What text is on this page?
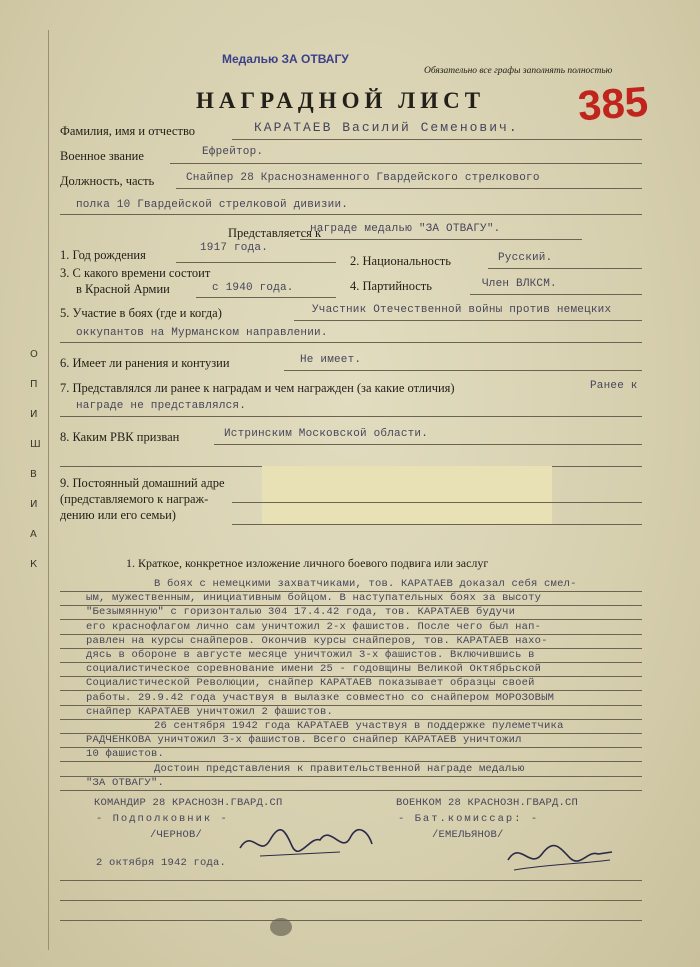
О
П
И
Ш
В
И
А
К
Медалью ЗА ОТВАГУ
Обязательно все графы заполнять полностью
385
НАГРАДНОЙ ЛИСТ
Фамилия, имя и отчество	КАРАТАЕВ Василий Семенович.
Военное звание	Ефрейтор.
Должность, часть	Снайпер 28 Краснознаменного Гвардейского стрелкового
полка 10 Гвардейской стрелковой дивизии.
Представляется к
награде медалью "ЗА ОТВАГУ".
1. Год рождения	1917 года.
2. Национальность	Русский.
3. С какого времени состоит
в Красной Армии	с 1940 года.	4. Партийность	Член ВЛКСМ.
5. Участие в боях (где и когда)	Участник Отечественной войны против немецких
оккупантов на Мурманском направлении.
6. Имеет ли ранения и контузии	Не имеет.
7. Представлялся ли ранее к наградам и чем награжден (за какие отличия)	Ранее к
награде не представлялся.
8. Каким РВК призван	Истринским Московской области.
9. Постоянный домашний адре
(представляемого к награж-
дению или его семьи)
1. Краткое, конкретное изложение личного боевого подвига или заслуг
В боях с немецкими захватчиками, тов. КАРАТАЕВ доказал себя смел-
ым, мужественным, инициативным бойцом. В наступательных боях за высоту
"Безымянную" с горизонталью 304 17.4.42 года, тов. КАРАТАЕВ будучи
его краснофлагом лично сам уничтожил 2-х фашистов. После чего был нап-
равлен на курсы снайперов. Окончив курсы снайперов, тов. КАРАТАЕВ нахо-
дясь в обороне в августе месяце уничтожил 3-х фашистов. Включившись в
социалистическое соревнование имени 25 - годовщины Великой Октябрьской
Социалистической Революции, снайпер КАРАТАЕВ показывает образцы своей
работы. 29.9.42 года участвуя в вылазке совместно со снайпером МОРОЗОВЫМ
снайпер КАРАТАЕВ уничтожил 2 фашистов.
26 сентября 1942 года КАРАТАЕВ участвуя в поддержке пулеметчика
РАДЧЕНКОВА уничтожил 3-х фашистов. Всего снайпер КАРАТАЕВ уничтожил
10 фашистов.
Достоин представления к правительственной награде медалью
"ЗА ОТВАГУ".
КОМАНДИР 28 КРАСНОЗН.ГВАРД.СП
- Подполковник -
/ЧЕРНОВ/
2 октября 1942 года.
ВОЕНКОМ 28 КРАСНОЗН.ГВАРД.СП
- Бат.комиссар: -
/ЕМЕЛЬЯНОВ/
